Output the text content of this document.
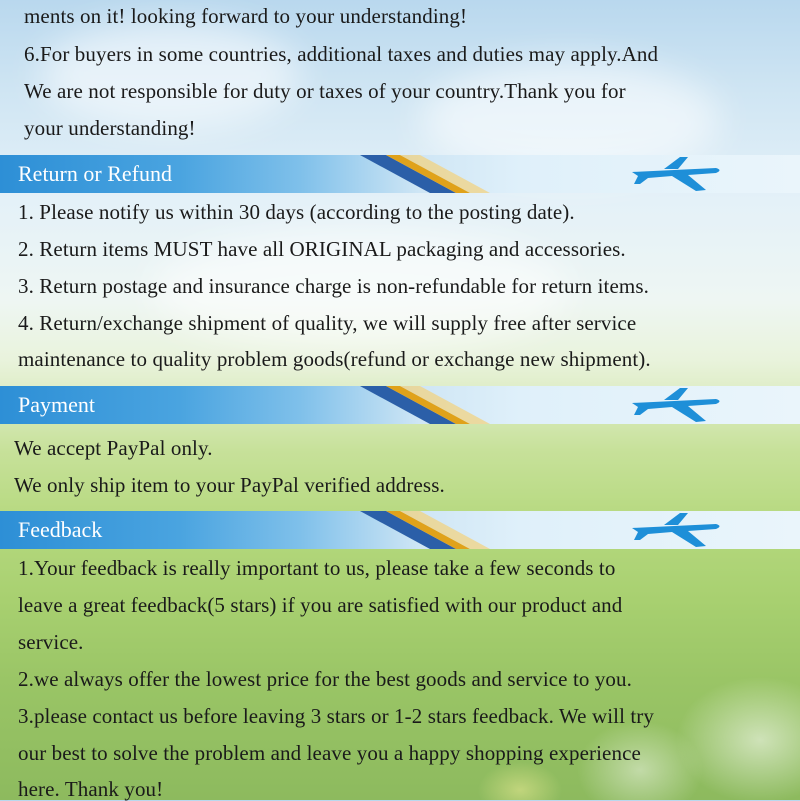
ments on it! looking forward to your understanding!
6.For buyers in some countries, additional taxes and duties may apply.And
We are not responsible for duty or taxes of your country.Thank you for
your understanding!
Return or Refund
1. Please notify us within 30 days (according to the posting date).
2. Return items MUST have all ORIGINAL packaging and accessories.
3. Return postage and insurance charge is non-refundable for return items.
4. Return/exchange shipment of quality, we will supply free after service
maintenance to quality problem goods(refund or exchange new shipment).
Payment
We accept PayPal only.
We only ship item to your PayPal verified address.
Feedback
1.Your feedback is really important to us, please take a few seconds to
leave a great feedback(5 stars) if you are satisfied with our product and
service.
2.we always offer the lowest price for the best goods and service to you.
3.please contact us before leaving 3 stars or 1-2 stars feedback. We will try
our best to solve the problem and leave you a happy shopping experience
here. Thank you!
